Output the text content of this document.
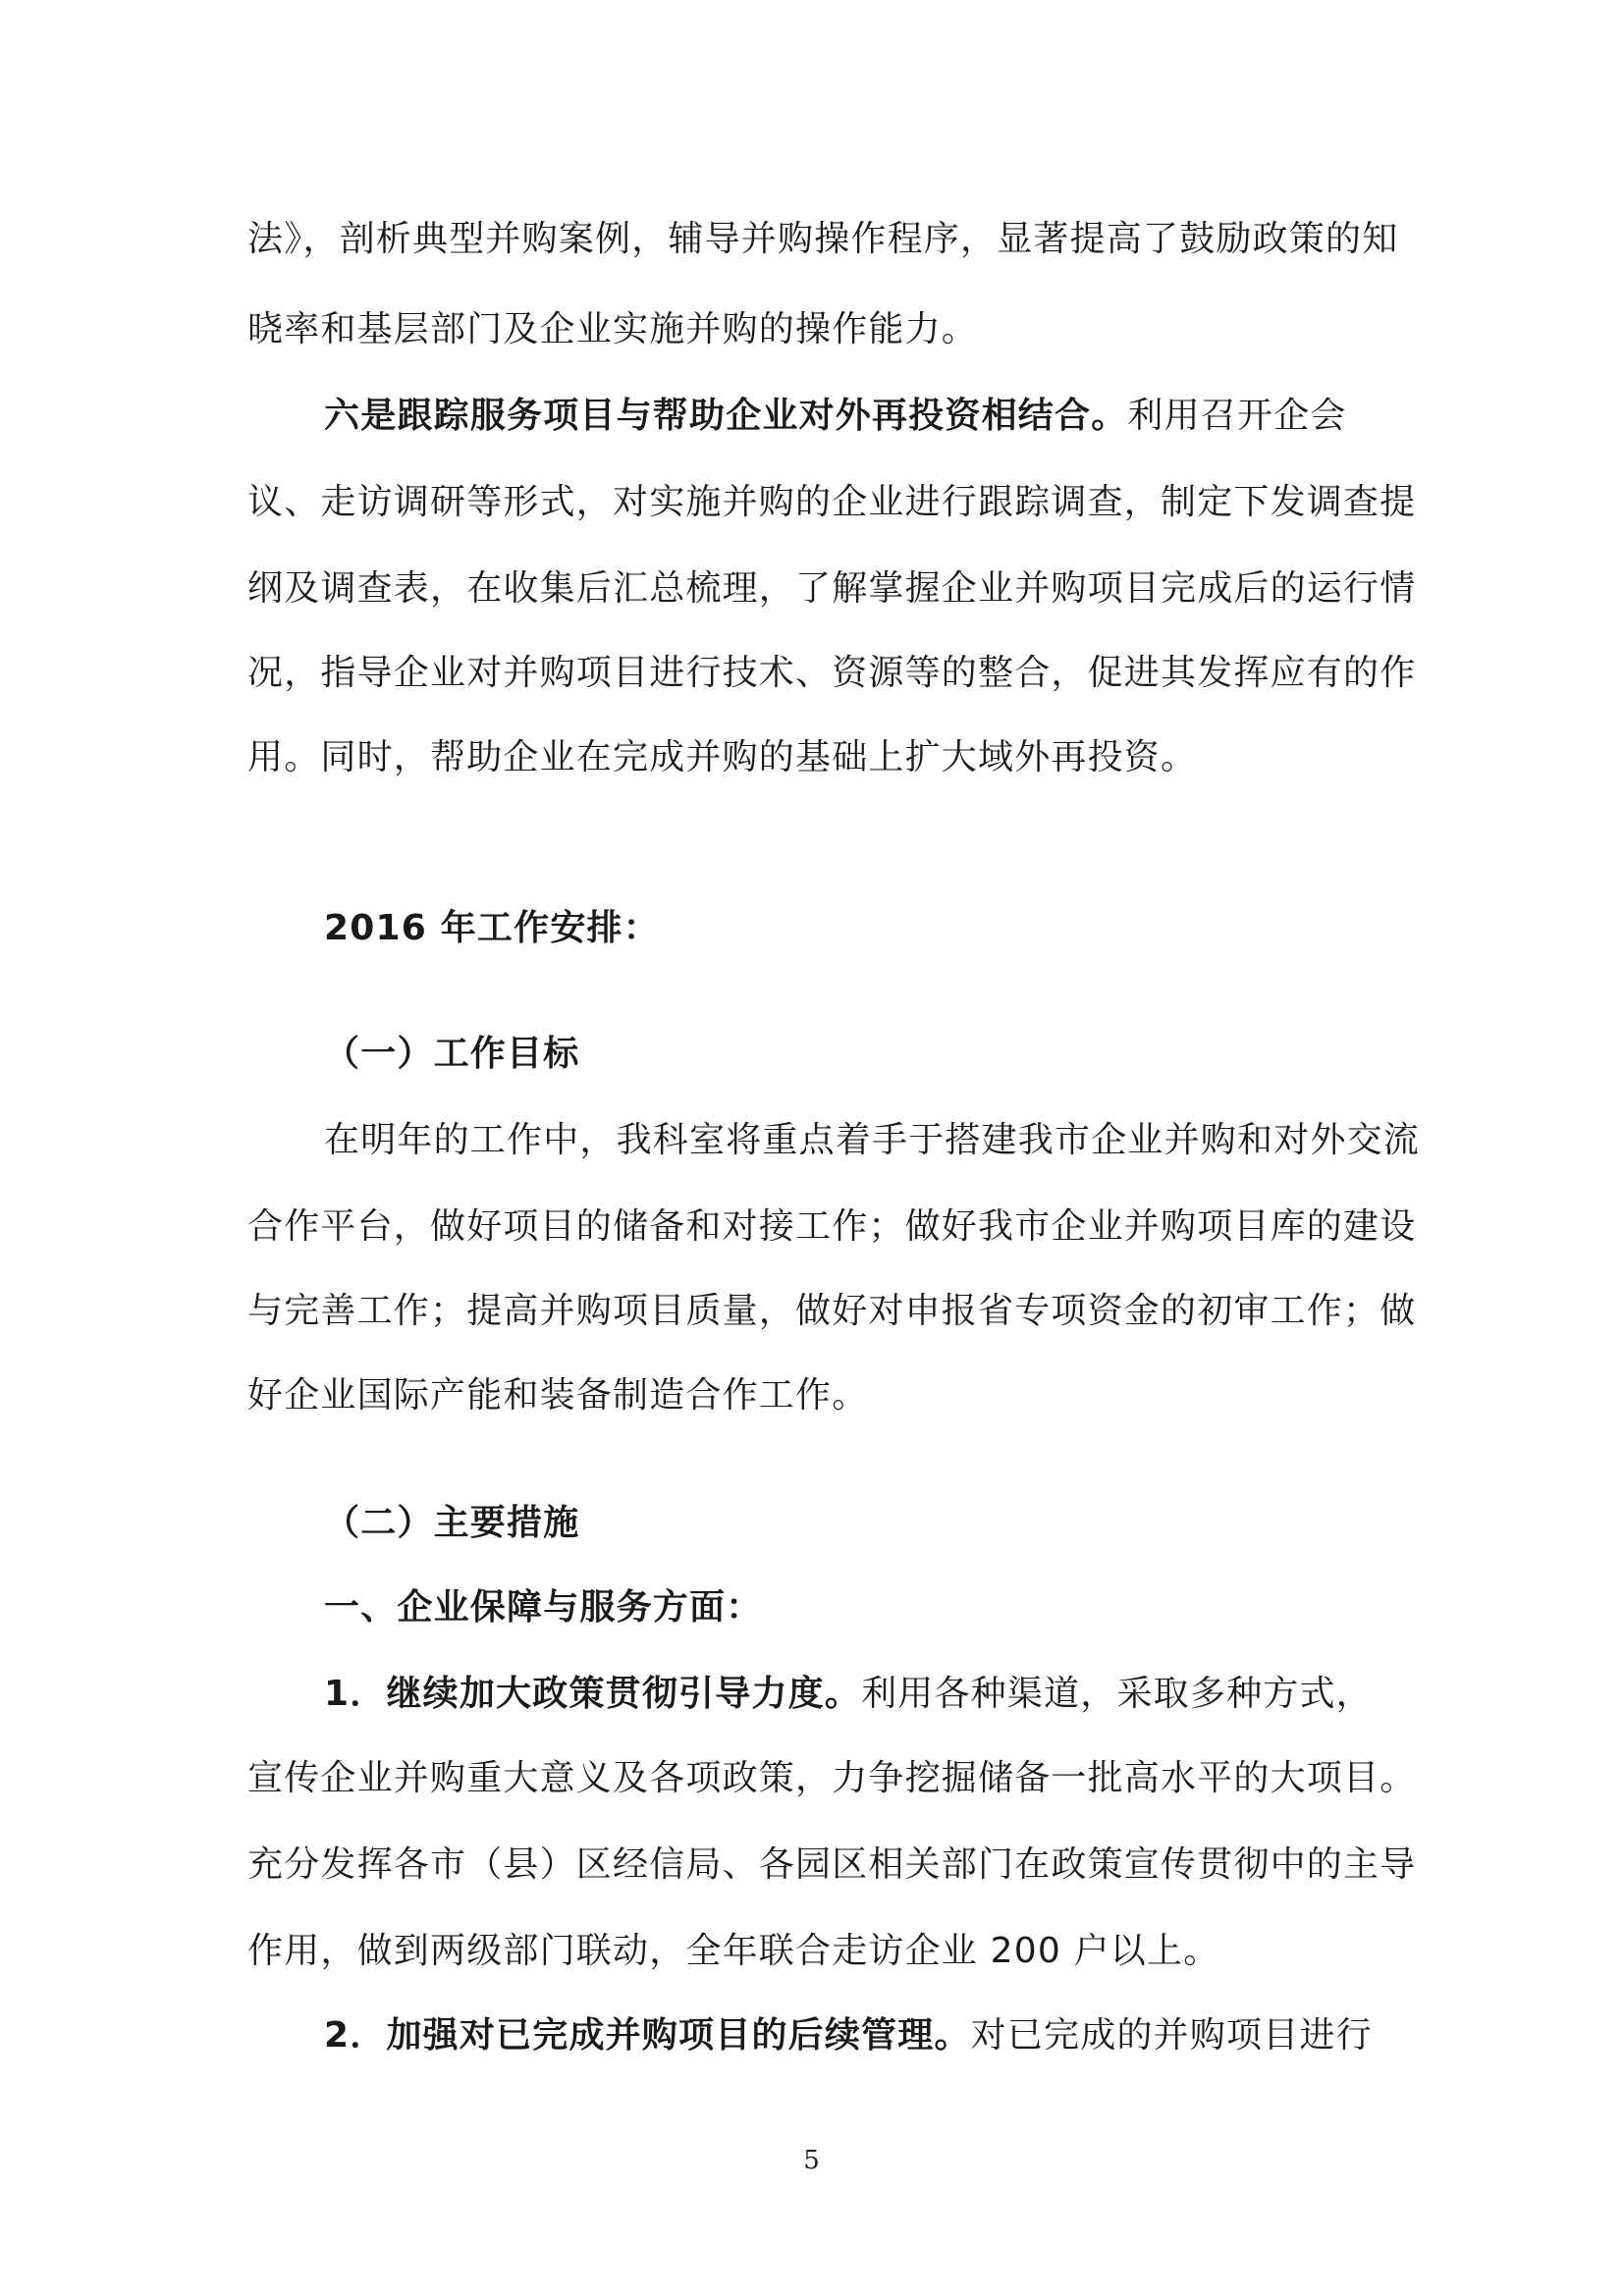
法》，剖析典型并购案例，辅导并购操作程序，显著提高了鼓励政策的知
晓率和基层部门及企业实施并购的操作能力。
六是跟踪服务项目与帮助企业对外再投资相结合。利用召开企会
议、走访调研等形式，对实施并购的企业进行跟踪调查，制定下发调查提
纲及调查表，在收集后汇总梳理，了解掌握企业并购项目完成后的运行情
况，指导企业对并购项目进行技术、资源等的整合，促进其发挥应有的作
用。同时，帮助企业在完成并购的基础上扩大域外再投资。
2016 年工作安排：
（一）工作目标
在明年的工作中，我科室将重点着手于搭建我市企业并购和对外交流
合作平台，做好项目的储备和对接工作；做好我市企业并购项目库的建设
与完善工作；提高并购项目质量，做好对申报省专项资金的初审工作；做
好企业国际产能和装备制造合作工作。
（二）主要措施
一、企业保障与服务方面：
1．继续加大政策贯彻引导力度。利用各种渠道，采取多种方式，
宣传企业并购重大意义及各项政策，力争挖掘储备一批高水平的大项目。
充分发挥各市（县）区经信局、各园区相关部门在政策宣传贯彻中的主导
作用，做到两级部门联动，全年联合走访企业 200 户以上。
2．加强对已完成并购项目的后续管理。对已完成的并购项目进行
5
